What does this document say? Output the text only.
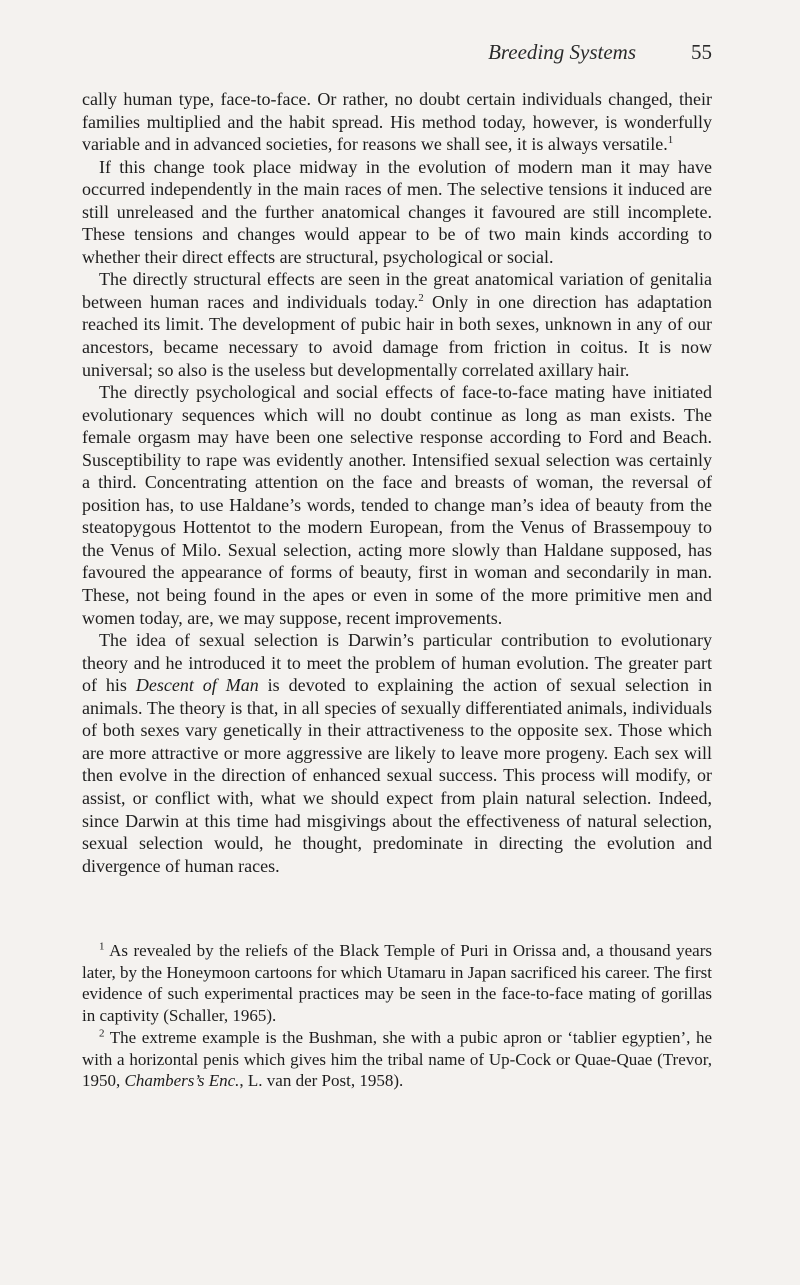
Breeding Systems	55

cally human type, face-to-face. Or rather, no doubt certain individuals changed, their families multiplied and the habit spread. His method today, however, is wonderfully variable and in advanced societies, for reasons we shall see, it is always versatile.$^1$

If this change took place midway in the evolution of modern man it may have occurred independently in the main races of men. The selective tensions it induced are still unreleased and the further anatomical changes it favoured are still incomplete. These tensions and changes would appear to be of two main kinds according to whether their direct effects are structural, psychological or social.

The directly structural effects are seen in the great anatomical variation of genitalia between human races and individuals today.$^2$ Only in one direction has adaptation reached its limit. The development of pubic hair in both sexes, unknown in any of our ancestors, became necessary to avoid damage from friction in coitus. It is now universal; so also is the useless but developmentally correlated axillary hair.

The directly psychological and social effects of face-to-face mating have initiated evolutionary sequences which will no doubt continue as long as man exists. The female orgasm may have been one selective response according to Ford and Beach. Susceptibility to rape was evidently another. Intensified sexual selection was certainly a third. Concentrating attention on the face and breasts of woman, the reversal of position has, to use Haldane’s words, tended to change man’s idea of beauty from the steatopygous Hottentot to the modern European, from the Venus of Brassempouy to the Venus of Milo. Sexual selection, acting more slowly than Haldane supposed, has favoured the appearance of forms of beauty, first in woman and secondarily in man. These, not being found in the apes or even in some of the more primitive men and women today, are, we may suppose, recent improvements.

The idea of sexual selection is Darwin’s particular contribution to evolutionary theory and he introduced it to meet the problem of human evolution. The greater part of his Descent of Man is devoted to explaining the action of sexual selection in animals. The theory is that, in all species of sexually differentiated animals, individuals of both sexes vary genetically in their attractiveness to the opposite sex. Those which are more attractive or more aggressive are likely to leave more progeny. Each sex will then evolve in the direction of enhanced sexual success. This process will modify, or assist, or conflict with, what we should expect from plain natural selection. Indeed, since Darwin at this time had misgivings about the effectiveness of natural selection, sexual selection would, he thought, predominate in directing the evolution and divergence of human races.

$^1$ As revealed by the reliefs of the Black Temple of Puri in Orissa and, a thousand years later, by the Honeymoon cartoons for which Utamaru in Japan sacrificed his career. The first evidence of such experimental practices may be seen in the face-to-face mating of gorillas in captivity (Schaller, 1965).

$^2$ The extreme example is the Bushman, she with a pubic apron or ‘tablier egyptien’, he with a horizontal penis which gives him the tribal name of Up-Cock or Quae-Quae (Trevor, 1950, Chambers’s Enc., L. van der Post, 1958).
